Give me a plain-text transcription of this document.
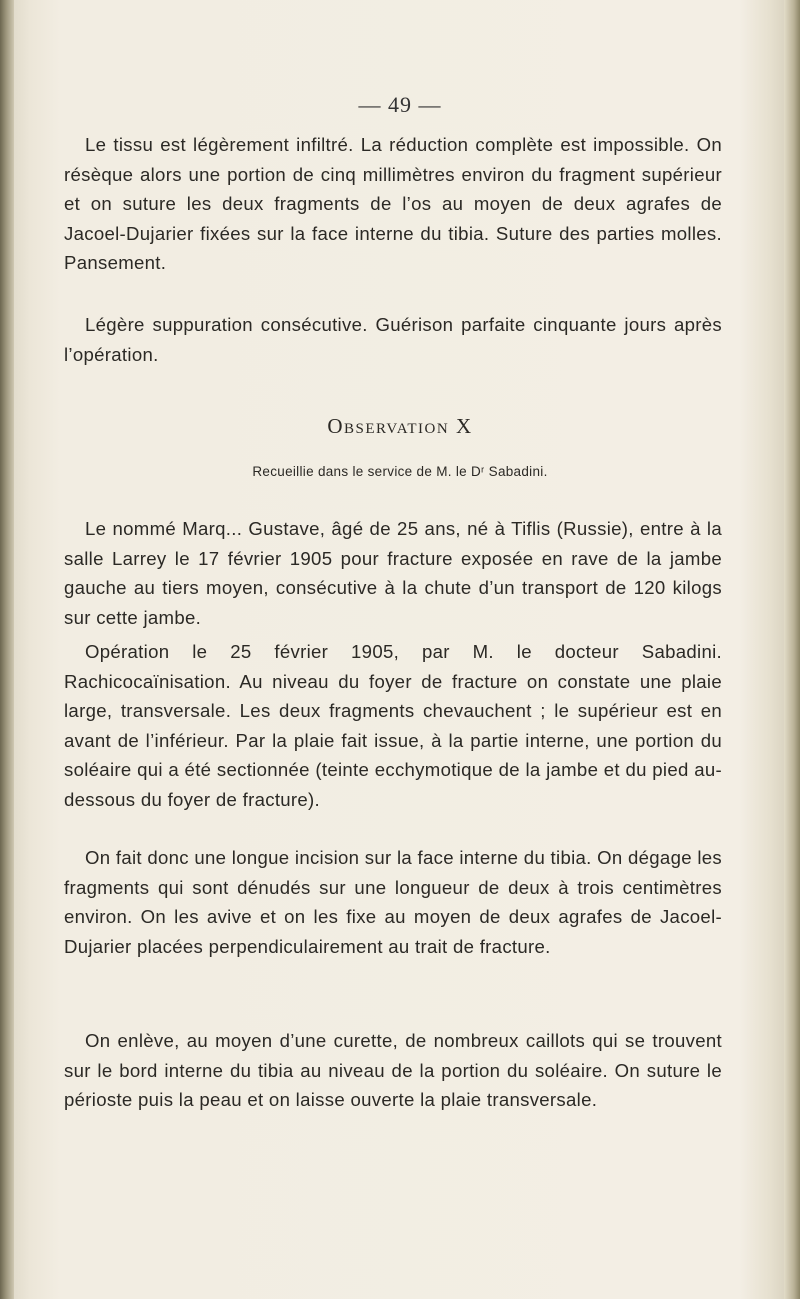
— 49 —

Le tissu est légèrement infiltré. La réduction complète est impossible. On résèque alors une portion de cinq millimètres environ du fragment supérieur et on suture les deux fragments de l’os au moyen de deux agrafes de Jacoel-Dujarier fixées sur la face interne du tibia. Suture des parties molles. Pansement.

Légère suppuration consécutive. Guérison parfaite cinquante jours après l’opération.

Observation X
Recueillie dans le service de M. le Dʳ Sabadini.

Le nommé Marq... Gustave, âgé de 25 ans, né à Tiflis (Russie), entre à la salle Larrey le 17 février 1905 pour fracture exposée en rave de la jambe gauche au tiers moyen, consécutive à la chute d’un transport de 120 kilogs sur cette jambe.

Opération le 25 février 1905, par M. le docteur Sabadini. Rachicocaïnisation. Au niveau du foyer de fracture on constate une plaie large, transversale. Les deux fragments chevauchent ; le supérieur est en avant de l’inférieur. Par la plaie fait issue, à la partie interne, une portion du soléaire qui a été sectionnée (teinte ecchymotique de la jambe et du pied au-dessous du foyer de fracture).

On fait donc une longue incision sur la face interne du tibia. On dégage les fragments qui sont dénudés sur une longueur de deux à trois centimètres environ. On les avive et on les fixe au moyen de deux agrafes de Jacoel-Dujarier placées perpendiculairement au trait de fracture.

On enlève, au moyen d’une curette, de nombreux caillots qui se trouvent sur le bord interne du tibia au niveau de la portion du soléaire. On suture le périoste puis la peau et on laisse ouverte la plaie transversale.
